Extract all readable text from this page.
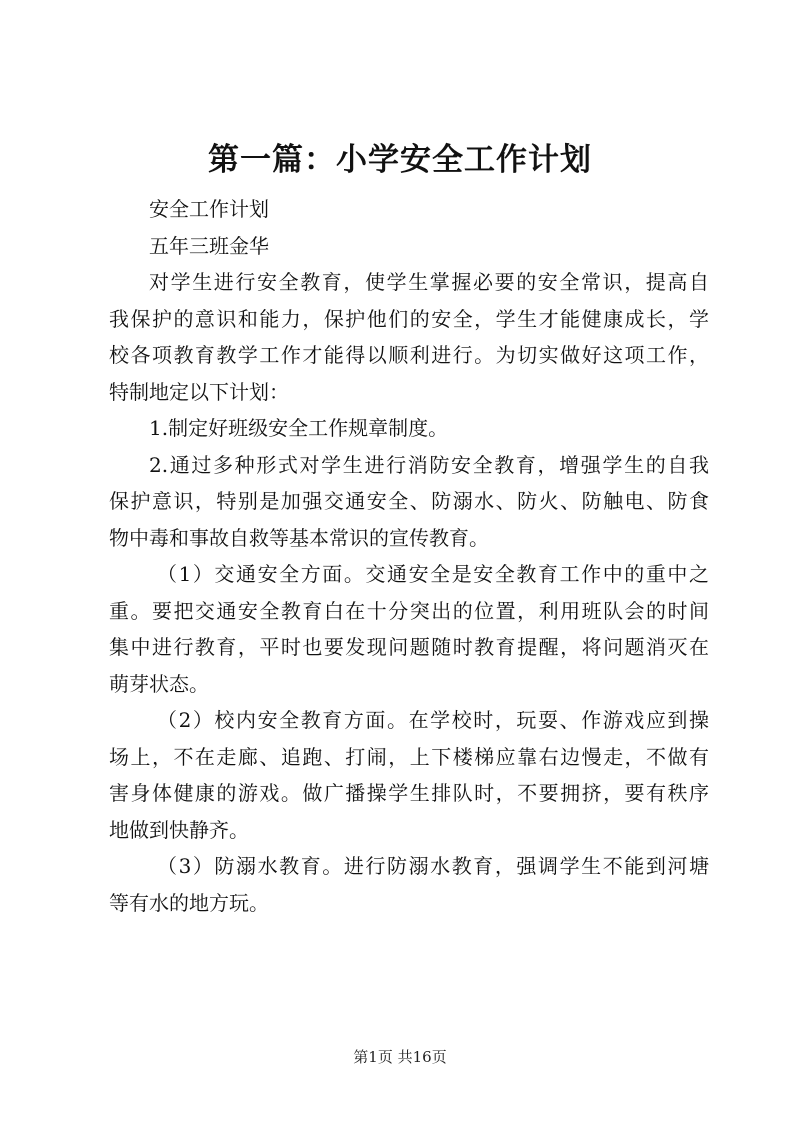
第一篇：小学安全工作计划
安全工作计划
五年三班金华
对学生进行安全教育，使学生掌握必要的安全常识，提高自
我保护的意识和能力，保护他们的安全，学生才能健康成长，学
校各项教育教学工作才能得以顺利进行。为切实做好这项工作，
特制地定以下计划：
1.制定好班级安全工作规章制度。
2.通过多种形式对学生进行消防安全教育，增强学生的自我
保护意识，特别是加强交通安全、防溺水、防火、防触电、防食
物中毒和事故自救等基本常识的宣传教育。
（1）交通安全方面。交通安全是安全教育工作中的重中之
重。要把交通安全教育白在十分突出的位置，利用班队会的时间
集中进行教育，平时也要发现问题随时教育提醒，将问题消灭在
萌芽状态。
（2）校内安全教育方面。在学校时，玩耍、作游戏应到操
场上，不在走廊、追跑、打闹，上下楼梯应靠右边慢走，不做有
害身体健康的游戏。做广播操学生排队时，不要拥挤，要有秩序
地做到快静齐。
（3）防溺水教育。进行防溺水教育，强调学生不能到河塘
等有水的地方玩。
第1页 共16页
